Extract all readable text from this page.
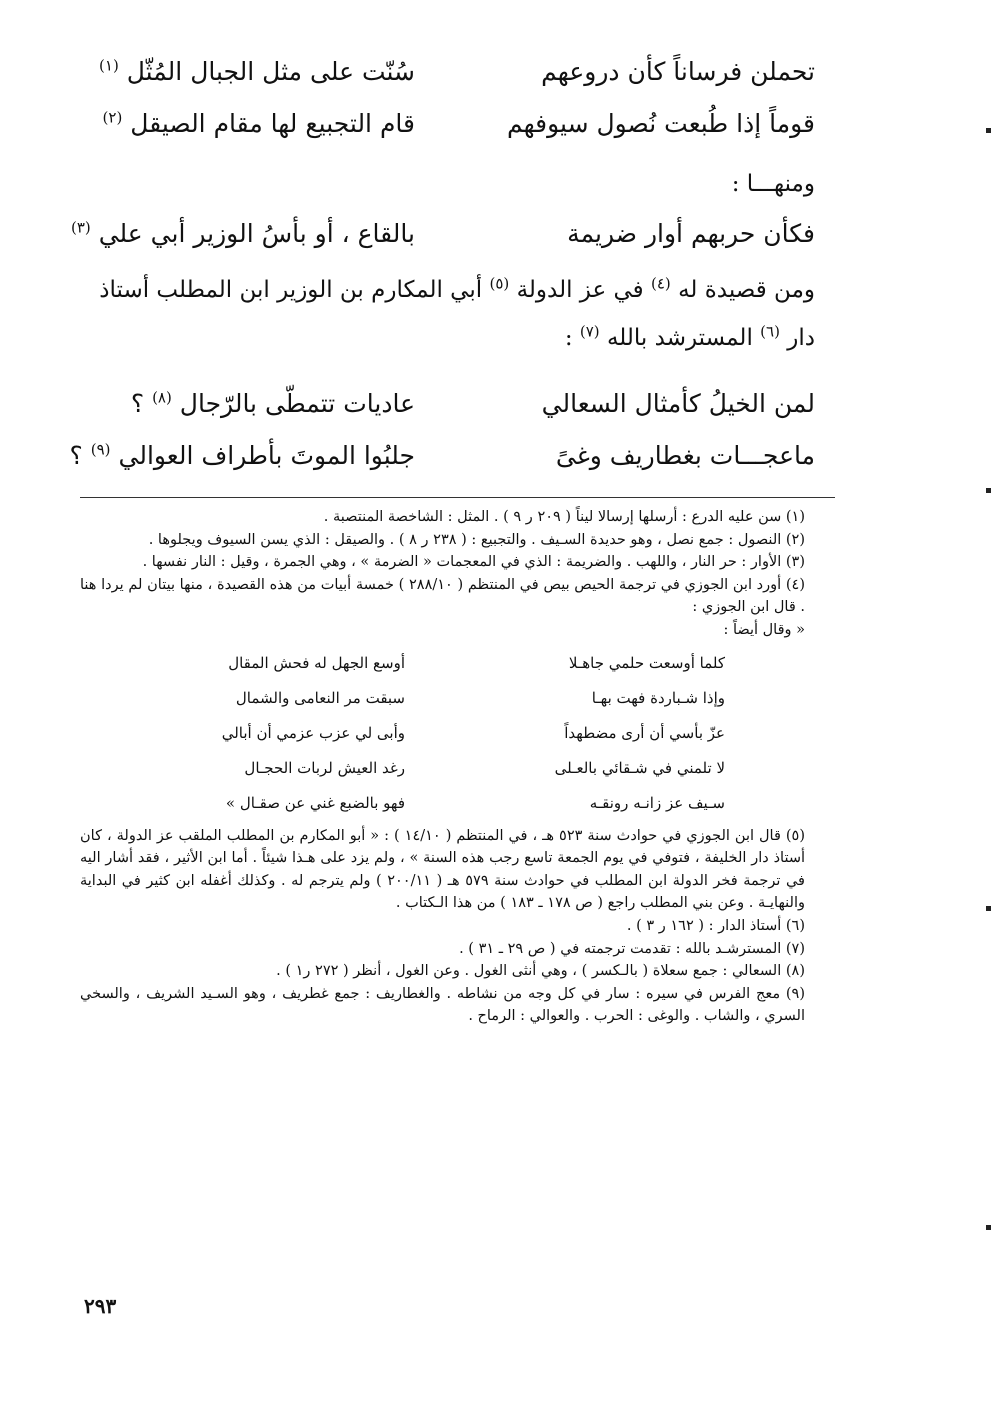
تحملن فرساناً كأن دروعهم
سُنّت على مثل الجبال المُثّل $^{(١)}$
قوماً إذا طُبعت نُصول سيوفهم
قام التجبيع لها مقام الصيقل $^{(٢)}$

ومنهـــا :

فكأن حربهم أوار ضريمة
بالقاع ، أو بأسُ الوزير أبي علي $^{(٣)}$

ومن قصيدة له $^{(٤)}$ في عز الدولة $^{(٥)}$ أبي المكارم بن الوزير ابن المطلب أستاذ

دار $^{(٦)}$ المسترشد بالله $^{(٧)}$ :

لمن الخيلُ كأمثال السعالي
عاديات تتمطّى بالرّجال $^{(٨)}$ ؟
ماعجـــات بغطاريف وغىً
جلبُوا الموتَ بأطراف العوالي $^{(٩)}$ ؟

(١) سن عليه الدرع : أرسلها إرسالا ليناً ( ٢٠٩ ر ٩ ) . المثل : الشاخصة المنتصبة .

(٢) النصول : جمع نصل ، وهو حديدة السـيف . والتجبيع : ( ٢٣٨ ر ٨ ) . والصيقل : الذي يسن السيوف ويجلوها .

(٣) الأوار : حر النار ، واللهب . والضريمة : الذي في المعجمات « الضرمة » ، وهي الجمرة ، وقيل : النار نفسها .

(٤) أورد ابن الجوزي في ترجمة الحيص بيص في المنتظم ( ٢٨٨/١٠ ) خمسة أبيات من هذه القصيدة ، منها بيتان لم يردا هنا . قال ابن الجوزي :

« وقال أيضاً :

كلما أوسعت حلمي جاهـلا
أوسع الجهل له فحش المقال
وإذا شـباردة فهت بهـا
سبقت مر النعامى والشمال
عزّ بأسي أن أرى مضطهداً
وأبى لي عزب عزمي أن أبالي
لا تلمني في شـقائي بالعـلى
رغد العيش لربات الحجـال
سـيف عز زانـه رونقـه
فهو بالضبع غني عن صقـال »

(٥) قال ابن الجوزي في حوادث سنة ٥٢٣ هـ ، في المنتظم ( ١٤/١٠ ) : « أبو المكارم بن المطلب الملقب عز الدولة ، كان أستاذ دار الخليفة ، فتوفي في يوم الجمعة تاسع رجب هذه السنة » ، ولم يزد على هـذا شيئاً . أما ابن الأثير ، فقد أشار اليه في ترجمة فخر الدولة ابن المطلب في حوادث سنة ٥٧٩ هـ ( ٢٠٠/١١ ) ولم يترجم له . وكذلك أغفله ابن كثير في البداية والنهايـة . وعن بني المطلب راجع ( ص ١٧٨ ـ ١٨٣ ) من هذا الـكتاب .

(٦) أستاذ الدار : ( ١٦٢ ر ٣ ) .

(٧) المسترشـد بالله : تقدمت ترجمته في ( ص ٢٩ ـ ٣١ ) .

(٨) السعالي : جمع سعلاة ( بالـكسر ) ، وهي أنثى الغول . وعن الغول ، أنظر ( ٢٧٢ ر١ ) .

(٩) معج الفرس في سيره : سار في كل وجه من نشاطه . والغطاريف : جمع غطريف ، وهو السـيد الشريف ، والسخي السري ، والشاب . والوغى : الحرب . والعوالي : الرماح .

٢٩٣
